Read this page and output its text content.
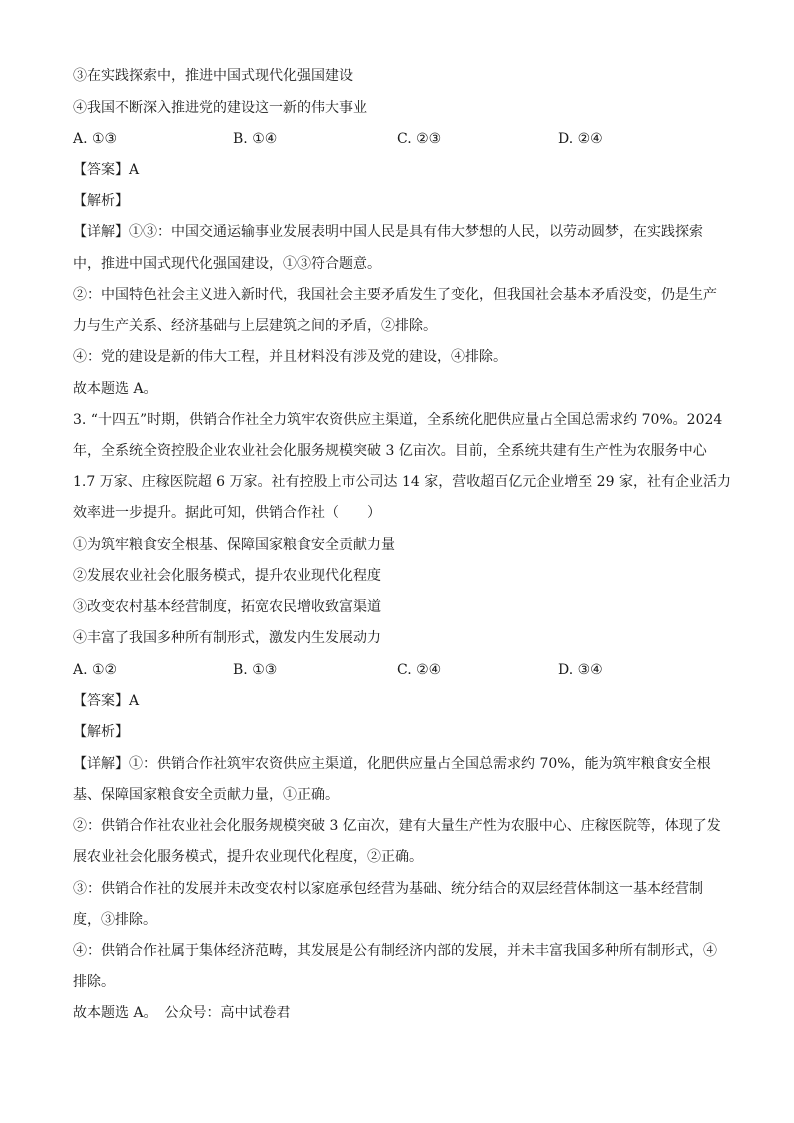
③在实践探索中，推进中国式现代化强国建设
④我国不断深入推进党的建设这一新的伟大事业
A. ①③	B. ①④	C. ②③	D. ②④
【答案】A
【解析】
【详解】①③：中国交通运输事业发展表明中国人民是具有伟大梦想的人民，以劳动圆梦，在实践探索
中，推进中国式现代化强国建设，①③符合题意。
②：中国特色社会主义进入新时代，我国社会主要矛盾发生了变化，但我国社会基本矛盾没变，仍是生产
力与生产关系、经济基础与上层建筑之间的矛盾，②排除。
④：党的建设是新的伟大工程，并且材料没有涉及党的建设，④排除。
故本题选 A。
3. “十四五”时期，供销合作社全力筑牢农资供应主渠道，全系统化肥供应量占全国总需求约 70%。2024
年，全系统全资控股企业农业社会化服务规模突破 3 亿亩次。目前，全系统共建有生产性为农服务中心
1.7 万家、庄稼医院超 6 万家。社有控股上市公司达 14 家，营收超百亿元企业增至 29 家，社有企业活力
效率进一步提升。据此可知，供销合作社（　　）
①为筑牢粮食安全根基、保障国家粮食安全贡献力量
②发展农业社会化服务模式，提升农业现代化程度
③改变农村基本经营制度，拓宽农民增收致富渠道
④丰富了我国多种所有制形式，激发内生发展动力
A. ①②	B. ①③	C. ②④	D. ③④
【答案】A
【解析】
【详解】①：供销合作社筑牢农资供应主渠道，化肥供应量占全国总需求约 70%，能为筑牢粮食安全根
基、保障国家粮食安全贡献力量，①正确。
②：供销合作社农业社会化服务规模突破 3 亿亩次，建有大量生产性为农服中心、庄稼医院等，体现了发
展农业社会化服务模式，提升农业现代化程度，②正确。
③：供销合作社的发展并未改变农村以家庭承包经营为基础、统分结合的双层经营体制这一基本经营制
度，③排除。
④：供销合作社属于集体经济范畴，其发展是公有制经济内部的发展，并未丰富我国多种所有制形式，④
排除。
故本题选 A。　公众号：高中试卷君
